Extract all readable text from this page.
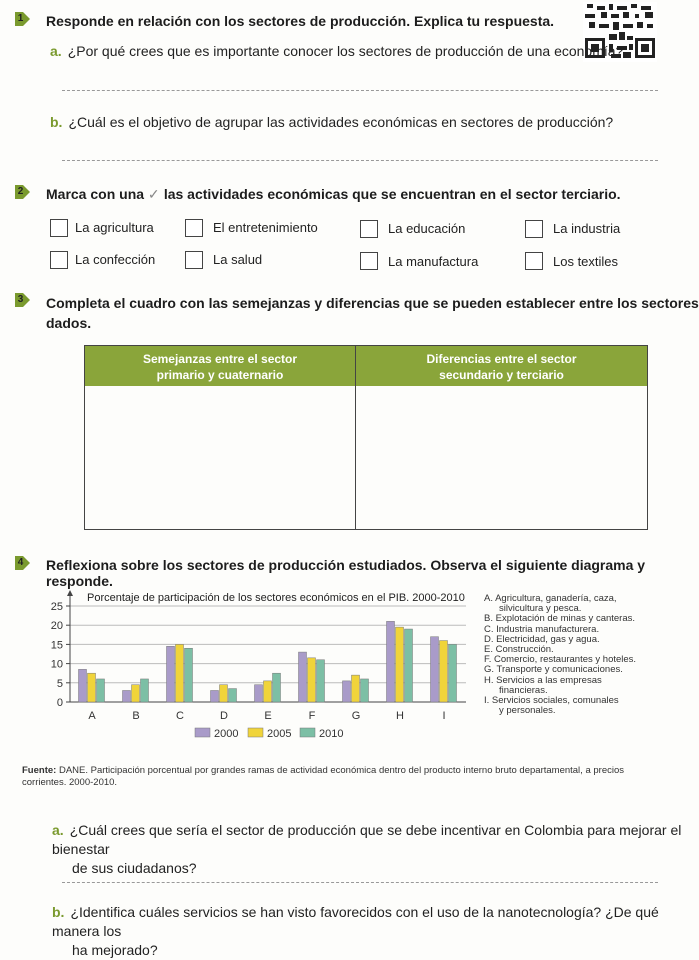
1 Responde en relación con los sectores de producción. Explica tu respuesta.
a. ¿Por qué crees que es importante conocer los sectores de producción de una economía?
b. ¿Cuál es el objetivo de agrupar las actividades económicas en sectores de producción?
2 Marca con una ✓ las actividades económicas que se encuentran en el sector terciario.
La agricultura	El entretenimiento	La educación	La industria
La confección	La salud	La manufactura	Los textiles
3 Completa el cuadro con las semejanzas y diferencias que se pueden establecer entre los sectores
dados.
Semejanzas entre el sector
primario y cuaternario
Diferencias entre el sector
secundario y terciario
4 Reflexiona sobre los sectores de producción estudiados. Observa el siguiente diagrama y responde.
Porcentaje de participación de los sectores económicos en el PIB. 2000-2010
0
5
10
15
20
25
A	B	C	D	E	F	G	H	I
2000	2005	2010
A. Agricultura, ganadería, caza,
silvicultura y pesca.
B. Explotación de minas y canteras.
C. Industria manufacturera.
D. Electricidad, gas y agua.
E. Construcción.
F. Comercio, restaurantes y hoteles.
G. Transporte y comunicaciones.
H. Servicios a las empresas
financieras.
I. Servicios sociales, comunales
y personales.
Fuente: DANE. Participación porcentual por grandes ramas de actividad económica dentro del producto interno bruto departamental, a precios
corrientes. 2000-2010.
a. ¿Cuál crees que sería el sector de producción que se debe incentivar en Colombia para mejorar el bienestar
de sus ciudadanos?
b. ¿Identifica cuáles servicios se han visto favorecidos con el uso de la nanotecnología? ¿De qué manera los
ha mejorado?
